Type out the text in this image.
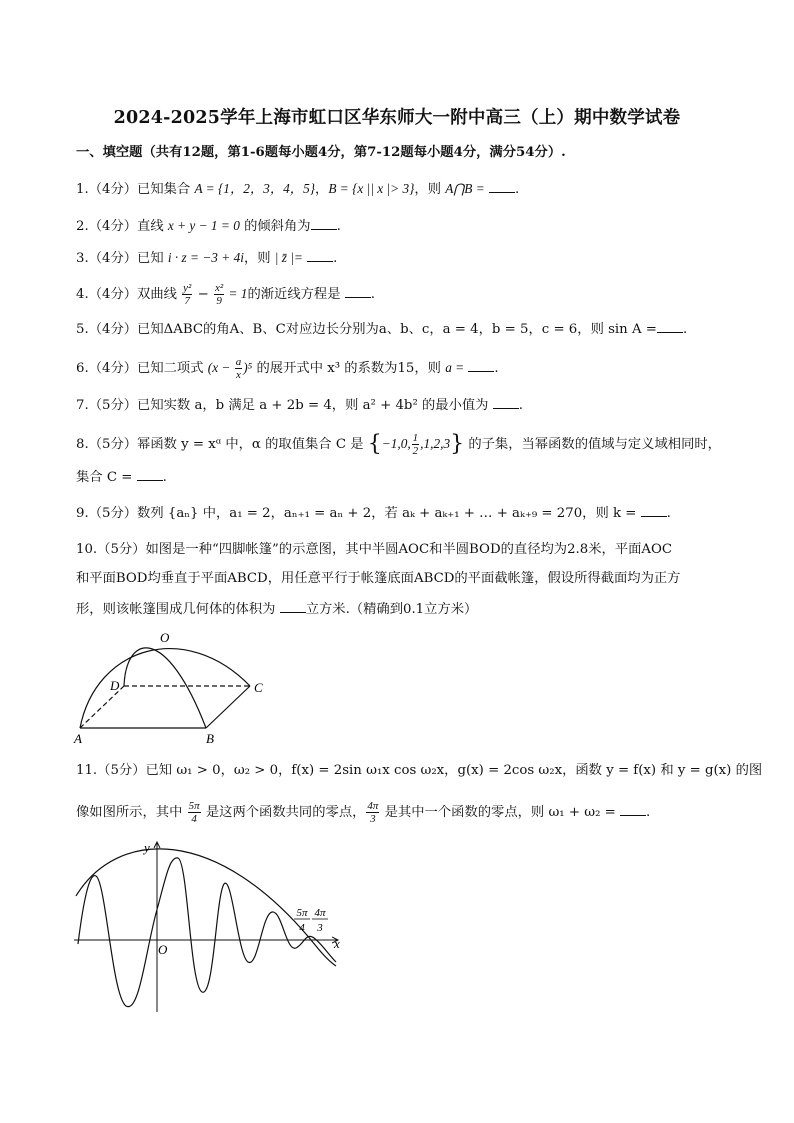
2024-2025学年上海市虹口区华东师大一附中高三（上）期中数学试卷
一、填空题（共有12题，第1-6题每小题4分，第7-12题每小题4分，满分54分）.
1.（4分）已知集合 A = {1，2，3，4，5}，B = {x || x |> 3}，则 A⋂B = .
2.（4分）直线 x + y − 1 = 0 的倾斜角为 .
3.（4分）已知 i · z = −3 + 4i，则 | z̄ |= .
4.（4分）双曲线 $\frac{\text{y²}}{7} - \frac{\text{x²}}{9} = 1$的渐近线方程是 .
5.（4分）已知ΔABC的角A、B、C对应边长分别为a、b、c，a = 4，b = 5，c = 6，则 sin A = .
6.（4分）已知二项式 $(x - \frac{a}{x} )^5$ 的展开式中 x³ 的系数为15，则 a = .
7.（5分）已知实数 a，b 满足 a + 2b = 4，则 a² + 4b² 的最小值为 .
8.（5分）幂函数 y = xᵅ 中，α 的取值集合 C 是 {−1,0, $\frac{1}{2} ,1,2,3$} 的子集，当幂函数的值域与定义域相同时，
集合 C = .
9.（5分）数列 {aₙ} 中，a₁ = 2，aₙ₊₁ = aₙ + 2，若 aₖ + aₖ₊₁ + … + aₖ₊₉ = 270，则 k = .
10.（5分）如图是一种“四脚帐篷”的示意图，其中半圆AOC和半圆BOD的直径均为2.8米，平面AOC
和平面BOD均垂直于平面ABCD，用任意平行于帐篷底面ABCD的平面截帐篷，假设所得截面均为正方
形，则该帐篷围成几何体的体积为 立方米.（精确到0.1立方米）
O
D	C
A	B
11.（5分）已知 ω₁ > 0，ω₂ > 0，f(x) = 2sin ω₁x cos ω₂x，g(x) = 2cos ω₂x，函数 y = f(x) 和 y = g(x) 的图
像如图所示，其中 $\frac{5\pi}{4}$ 是这两个函数共同的零点， $\frac{4\pi}{3}$ 是其中一个函数的零点，则 ω₁ + ω₂ = .
y
x
O
5π
4
4π
3
